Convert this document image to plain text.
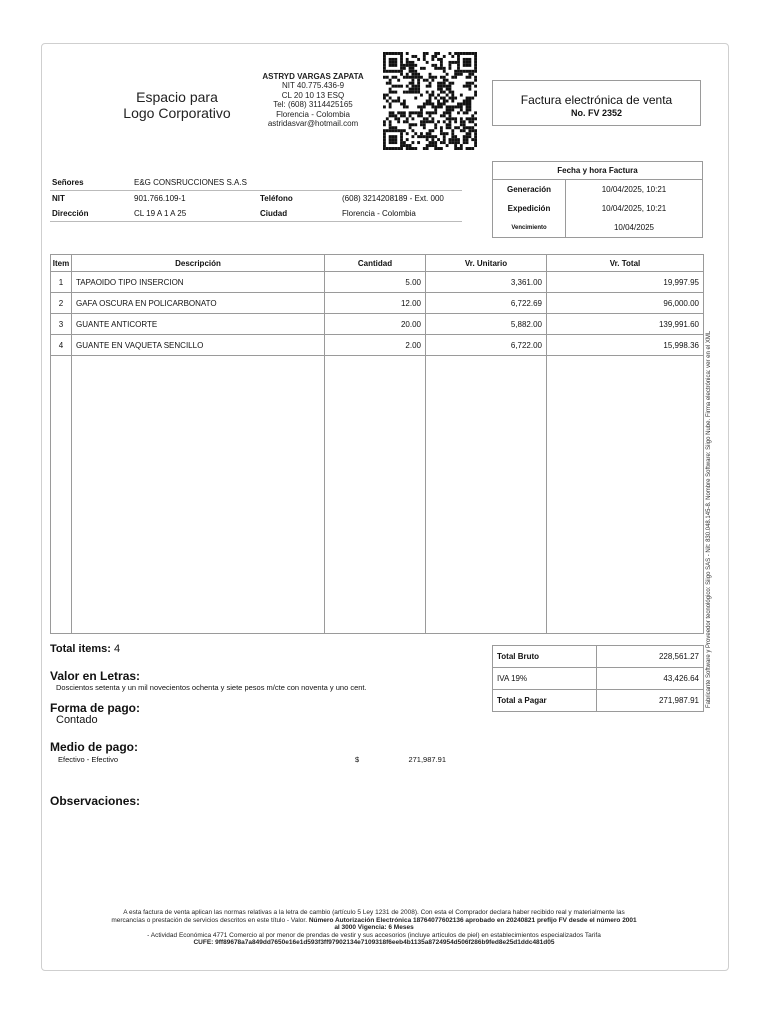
Espacio para
Logo Corporativo
ASTRYD VARGAS ZAPATA
NIT 40.775.436-9
CL 20 10 13 ESQ
Tel: (608) 3114425165
Florencia - Colombia
astridasvar@hotmail.com
Factura electrónica de venta
No. FV 2352
Señores	E&G CONSRUCCIONES S.A.S		
NIT	901.766.109-1	Teléfono	(608) 3214208189 - Ext. 000
Dirección	CL 19 A 1 A 25	Ciudad	Florencia - Colombia
Fecha y hora Factura	
Generación	10/04/2025, 10:21
Expedición	10/04/2025, 10:21
Vencimiento	10/04/2025
Item	Descripción	Cantidad	Vr. Unitario	Vr. Total
1	TAPAOIDO TIPO INSERCION	5.00	3,361.00	19,997.95
2	GAFA OSCURA EN POLICARBONATO	12.00	6,722.69	96,000.00
3	GUANTE ANTICORTE	20.00	5,882.00	139,991.60
4	GUANTE EN VAQUETA SENCILLO	2.00	6,722.00	15,998.36

Total items: 4
Valor en Letras:
Doscientos setenta y un mil novecientos ochenta y siete pesos m/cte con noventa y uno cent.
Forma de pago:
Contado
Medio de pago:
Efectivo - Efectivo	$	271,987.91
Observaciones:
Total Bruto	228,561.27
IVA 19%	43,426.64
Total a Pagar	271,987.91 Fabricante Software y Proveedor tecnológico: Siigo SAS - Nit: 830.048.145-8. Nombre Software: Siigo Nube. Firma electrónica: ver en el XML
A esta factura de venta aplican las normas relativas a la letra de cambio (artículo 5 Ley 1231 de 2008). Con esta el Comprador declara haber recibido real y materialmente las
mercancías o prestación de servicios descritos en este título - Valor. Número Autorización Electrónica 18764077602136 aprobado en 20240821 prefijo FV desde el número 2001
al 3000 Vigencia: 6 Meses
- Actividad Económica 4771 Comercio al por menor de prendas de vestir y sus accesorios (incluye artículos de piel) en establecimientos especializados Tarifa
CUFE: 9ff89678a7a849dd7650e16e1d593f3ff97902134e7109318f6eeb4b1135a8724954d506f286b9fed8e25d1ddc481d05
